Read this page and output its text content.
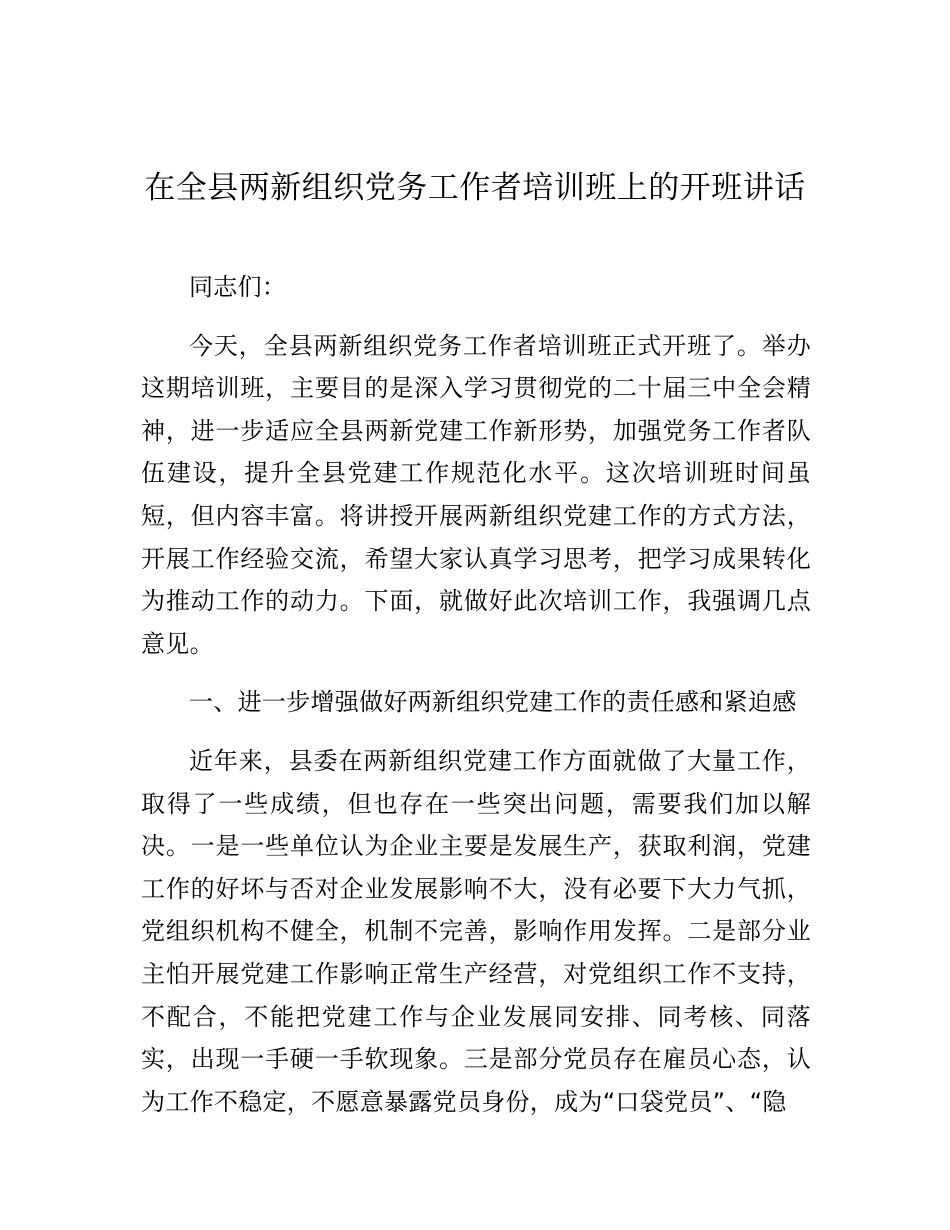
在全县两新组织党务工作者培训班上的开班讲话

同志们：

今天，全县两新组织党务工作者培训班正式开班了。举办这期培训班，主要目的是深入学习贯彻党的二十届三中全会精神，进一步适应全县两新党建工作新形势，加强党务工作者队伍建设，提升全县党建工作规范化水平。这次培训班时间虽短，但内容丰富。将讲授开展两新组织党建工作的方式方法，开展工作经验交流，希望大家认真学习思考，把学习成果转化为推动工作的动力。下面，就做好此次培训工作，我强调几点意见。

一、进一步增强做好两新组织党建工作的责任感和紧迫感

近年来，县委在两新组织党建工作方面就做了大量工作，取得了一些成绩，但也存在一些突出问题，需要我们加以解决。一是一些单位认为企业主要是发展生产，获取利润，党建工作的好坏与否对企业发展影响不大，没有必要下大力气抓，党组织机构不健全，机制不完善，影响作用发挥。二是部分业主怕开展党建工作影响正常生产经营，对党组织工作不支持，不配合，不能把党建工作与企业发展同安排、同考核、同落实，出现一手硬一手软现象。三是部分党员存在雇员心态，认为工作不稳定，不愿意暴露党员身份，成为“口袋党员”、“隐
